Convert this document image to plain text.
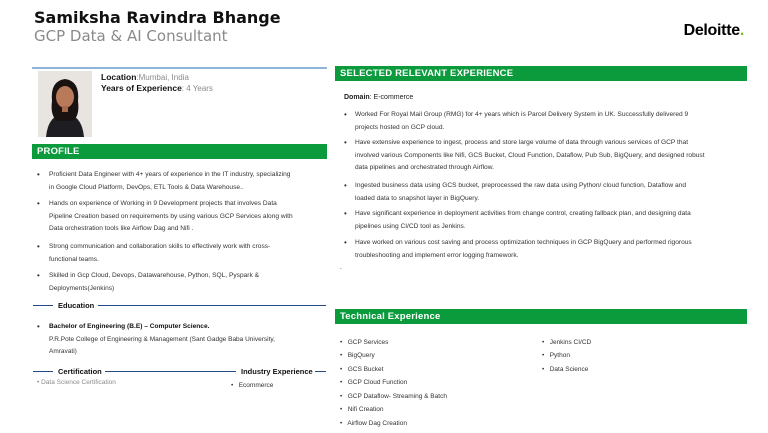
Samiksha Ravindra Bhange
GCP Data & AI Consultant	Deloitte.
Location:Mumbai, India
Years of Experience: 4 Years
PROFILE
• Proficient Data Engineer with 4+ years of experience in the IT industry, specializing
in Google Cloud Platform, DevOps, ETL Tools & Data Warehouse..
• Hands on experience of Working in 9 Development projects that involves Data
Pipeline Creation based on requirements by using various GCP Services along with
Data orchestration tools like Airflow Dag and Nifi .
• Strong communication and collaboration skills to effectively work with cross-
functional teams.
• Skilled in Gcp Cloud, Devops, Datawarehouse, Python, SQL, Pyspark &
Deployments(Jenkins)
Education
• Bachelor of Engineering (B.E) – Computer Science.
P.R.Pote College of Engineering & Management (Sant Gadge Baba University,
Amravati)
Certification
• Data Science Certification
Industry Experience
•   Ecommerce
SELECTED RELEVANT EXPERIENCE
Domain: E-commerce
• Worked For Royal Mail Group (RMG) for 4+ years which is Parcel Delivery System in UK. Successfully delivered 9
projects hosted on GCP cloud.
• Have extensive experience to ingest, process and store large volume of data through various services of GCP that
involved various Components like Nifi, GCS Bucket, Cloud Function, Dataflow, Pub Sub, BigQuery, and designed robust
data pipelines and orchestrated through Airflow.
• Ingested business data using GCS bucket, preprocessed the raw data using Python/ cloud function, Dataflow and
loaded data to snapshot layer in BigQuery.
• Have significant experience in deployment activities from change control, creating fallback plan, and designing data
pipelines using CI/CD tool as Jenkins.
• Have worked on various cost saving and process optimization techniques in GCP BigQuery and performed rigorous
troubleshooting and implement error logging framework.
.
Technical Experience
•   GCP Services
•   BigQuery
•   GCS Bucket
•   GCP Cloud Function
•   GCP Dataflow- Streaming & Batch
•   Nifi Creation
•   Airflow Dag Creation
•   Jenkins CI/CD
•   Python
•   Data Science
